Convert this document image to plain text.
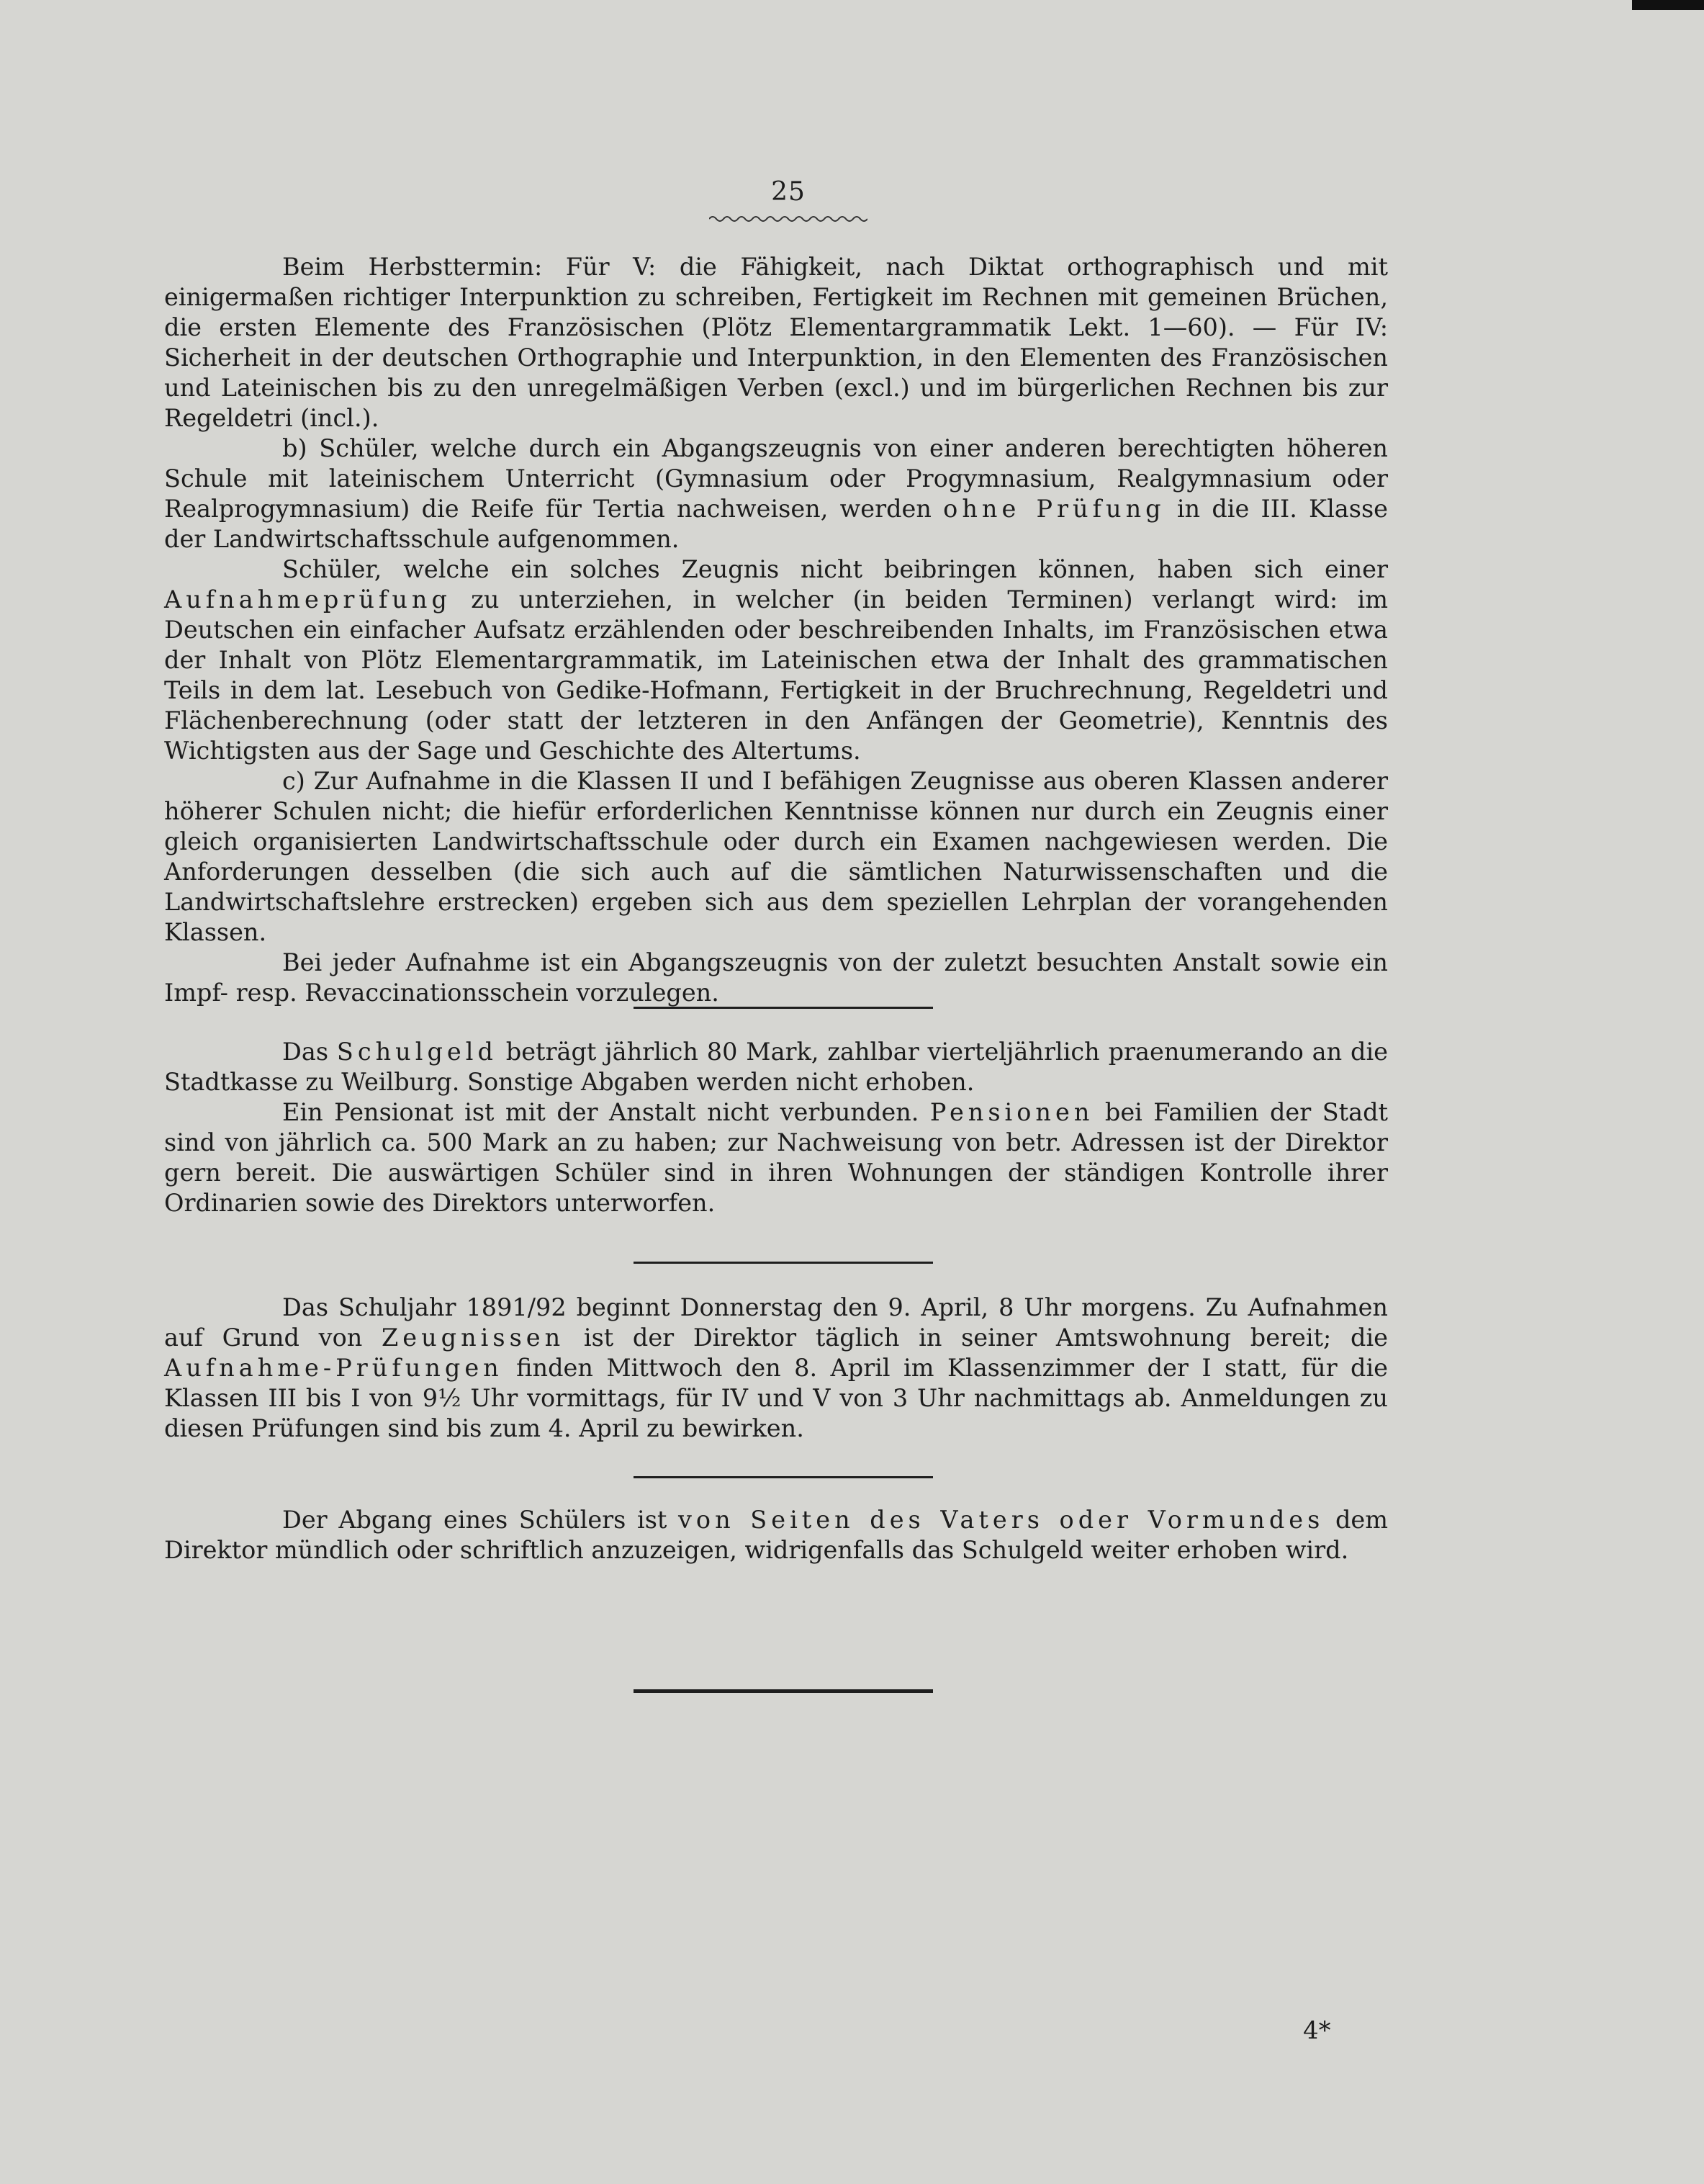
25

Beim Herbsttermin: Für V: die Fähigkeit, nach Diktat orthographisch und mit einigermaßen richtiger Interpunktion zu schreiben, Fertigkeit im Rechnen mit gemeinen Brüchen, die ersten Elemente des Französischen (Plötz Elementargrammatik Lekt. 1—60). — Für IV: Sicherheit in der deutschen Orthographie und Interpunktion, in den Elementen des Französischen und Lateinischen bis zu den unregelmäßigen Verben (excl.) und im bürgerlichen Rechnen bis zur Regeldetri (incl.).

b) Schüler, welche durch ein Abgangszeugnis von einer anderen berechtigten höheren Schule mit lateinischem Unterricht (Gymnasium oder Progymnasium, Realgymnasium oder Realprogymnasium) die Reife für Tertia nachweisen, werden ohne Prüfung in die III. Klasse der Landwirtschaftsschule aufgenommen.

Schüler, welche ein solches Zeugnis nicht beibringen können, haben sich einer Aufnahmeprüfung zu unterziehen, in welcher (in beiden Terminen) verlangt wird: im Deutschen ein einfacher Aufsatz erzählenden oder beschreibenden Inhalts, im Französischen etwa der Inhalt von Plötz Elementargrammatik, im Lateinischen etwa der Inhalt des grammatischen Teils in dem lat. Lesebuch von Gedike-Hofmann, Fertigkeit in der Bruchrechnung, Regeldetri und Flächenberechnung (oder statt der letzteren in den Anfängen der Geometrie), Kenntnis des Wichtigsten aus der Sage und Geschichte des Altertums.

c) Zur Aufnahme in die Klassen II und I befähigen Zeugnisse aus oberen Klassen anderer höherer Schulen nicht; die hiefür erforderlichen Kenntnisse können nur durch ein Zeugnis einer gleich organisierten Landwirtschaftsschule oder durch ein Examen nachgewiesen werden. Die Anforderungen desselben (die sich auch auf die sämtlichen Naturwissenschaften und die Landwirtschaftslehre erstrecken) ergeben sich aus dem speziellen Lehrplan der vorangehenden Klassen.

Bei jeder Aufnahme ist ein Abgangszeugnis von der zuletzt besuchten Anstalt sowie ein Impf- resp. Revaccinationsschein vorzulegen.

Das Schulgeld beträgt jährlich 80 Mark, zahlbar vierteljährlich praenumerando an die Stadtkasse zu Weilburg. Sonstige Abgaben werden nicht erhoben.

Ein Pensionat ist mit der Anstalt nicht verbunden. Pensionen bei Familien der Stadt sind von jährlich ca. 500 Mark an zu haben; zur Nachweisung von betr. Adressen ist der Direktor gern bereit. Die auswärtigen Schüler sind in ihren Wohnungen der ständigen Kontrolle ihrer Ordinarien sowie des Direktors unterworfen.

Das Schuljahr 1891/92 beginnt Donnerstag den 9. April, 8 Uhr morgens. Zu Aufnahmen auf Grund von Zeugnissen ist der Direktor täglich in seiner Amtswohnung bereit; die Aufnahme-Prüfungen finden Mittwoch den 8. April im Klassenzimmer der I statt, für die Klassen III bis I von 9½ Uhr vormittags, für IV und V von 3 Uhr nachmittags ab. Anmeldungen zu diesen Prüfungen sind bis zum 4. April zu bewirken.

Der Abgang eines Schülers ist von Seiten des Vaters oder Vormundes dem Direktor mündlich oder schriftlich anzuzeigen, widrigenfalls das Schulgeld weiter erhoben wird.

4*
